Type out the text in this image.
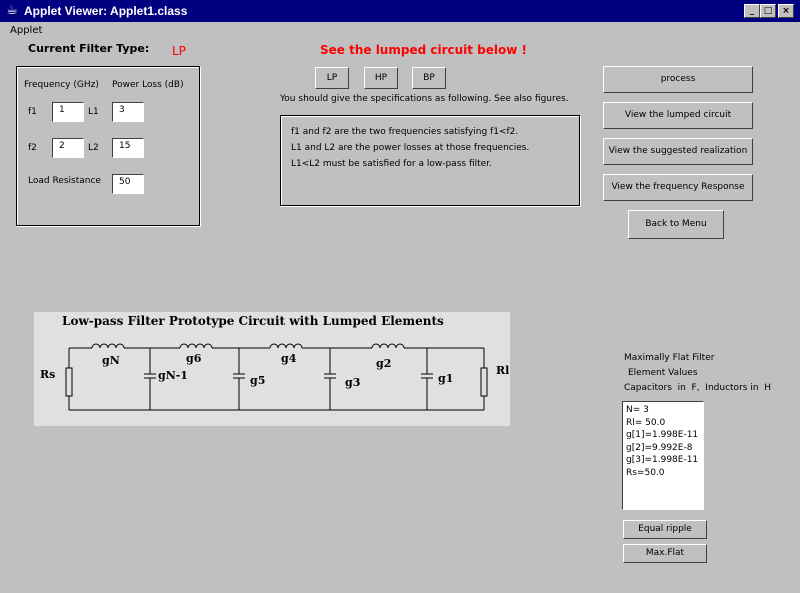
☕ Applet Viewer: Applet1.class	_	□	×
Applet
Current Filter Type: LP	See the lumped circuit below !
LP	HP	BP
You should give the specifications as following. See also figures.
Frequency (GHz) Power Loss (dB)
f1	1	L1	3
f2	2	L2	15
Load Resistance	50
f1 and f2 are the two frequencies satisfying f1<f2.
L1 and L2 are the power losses at those frequencies.
L1<L2 must be satisfied for a low-pass filter.
process
View the lumped circuit
View the suggested realization
View the frequency Response
Back to Menu
Low-pass Filter Prototype Circuit with Lumped Elements
Rs	Rl
gN
gN-1
g6
g5
g4
g3
g2
g1
Maximally Flat Filter
Element Values
Capacitors  in  F,  Inductors in  H
N= 3
Rl= 50.0
g[1]=1.998E-11
g[2]=9.992E-8
g[3]=1.998E-11
Rs=50.0
Equal ripple
Max.Flat
